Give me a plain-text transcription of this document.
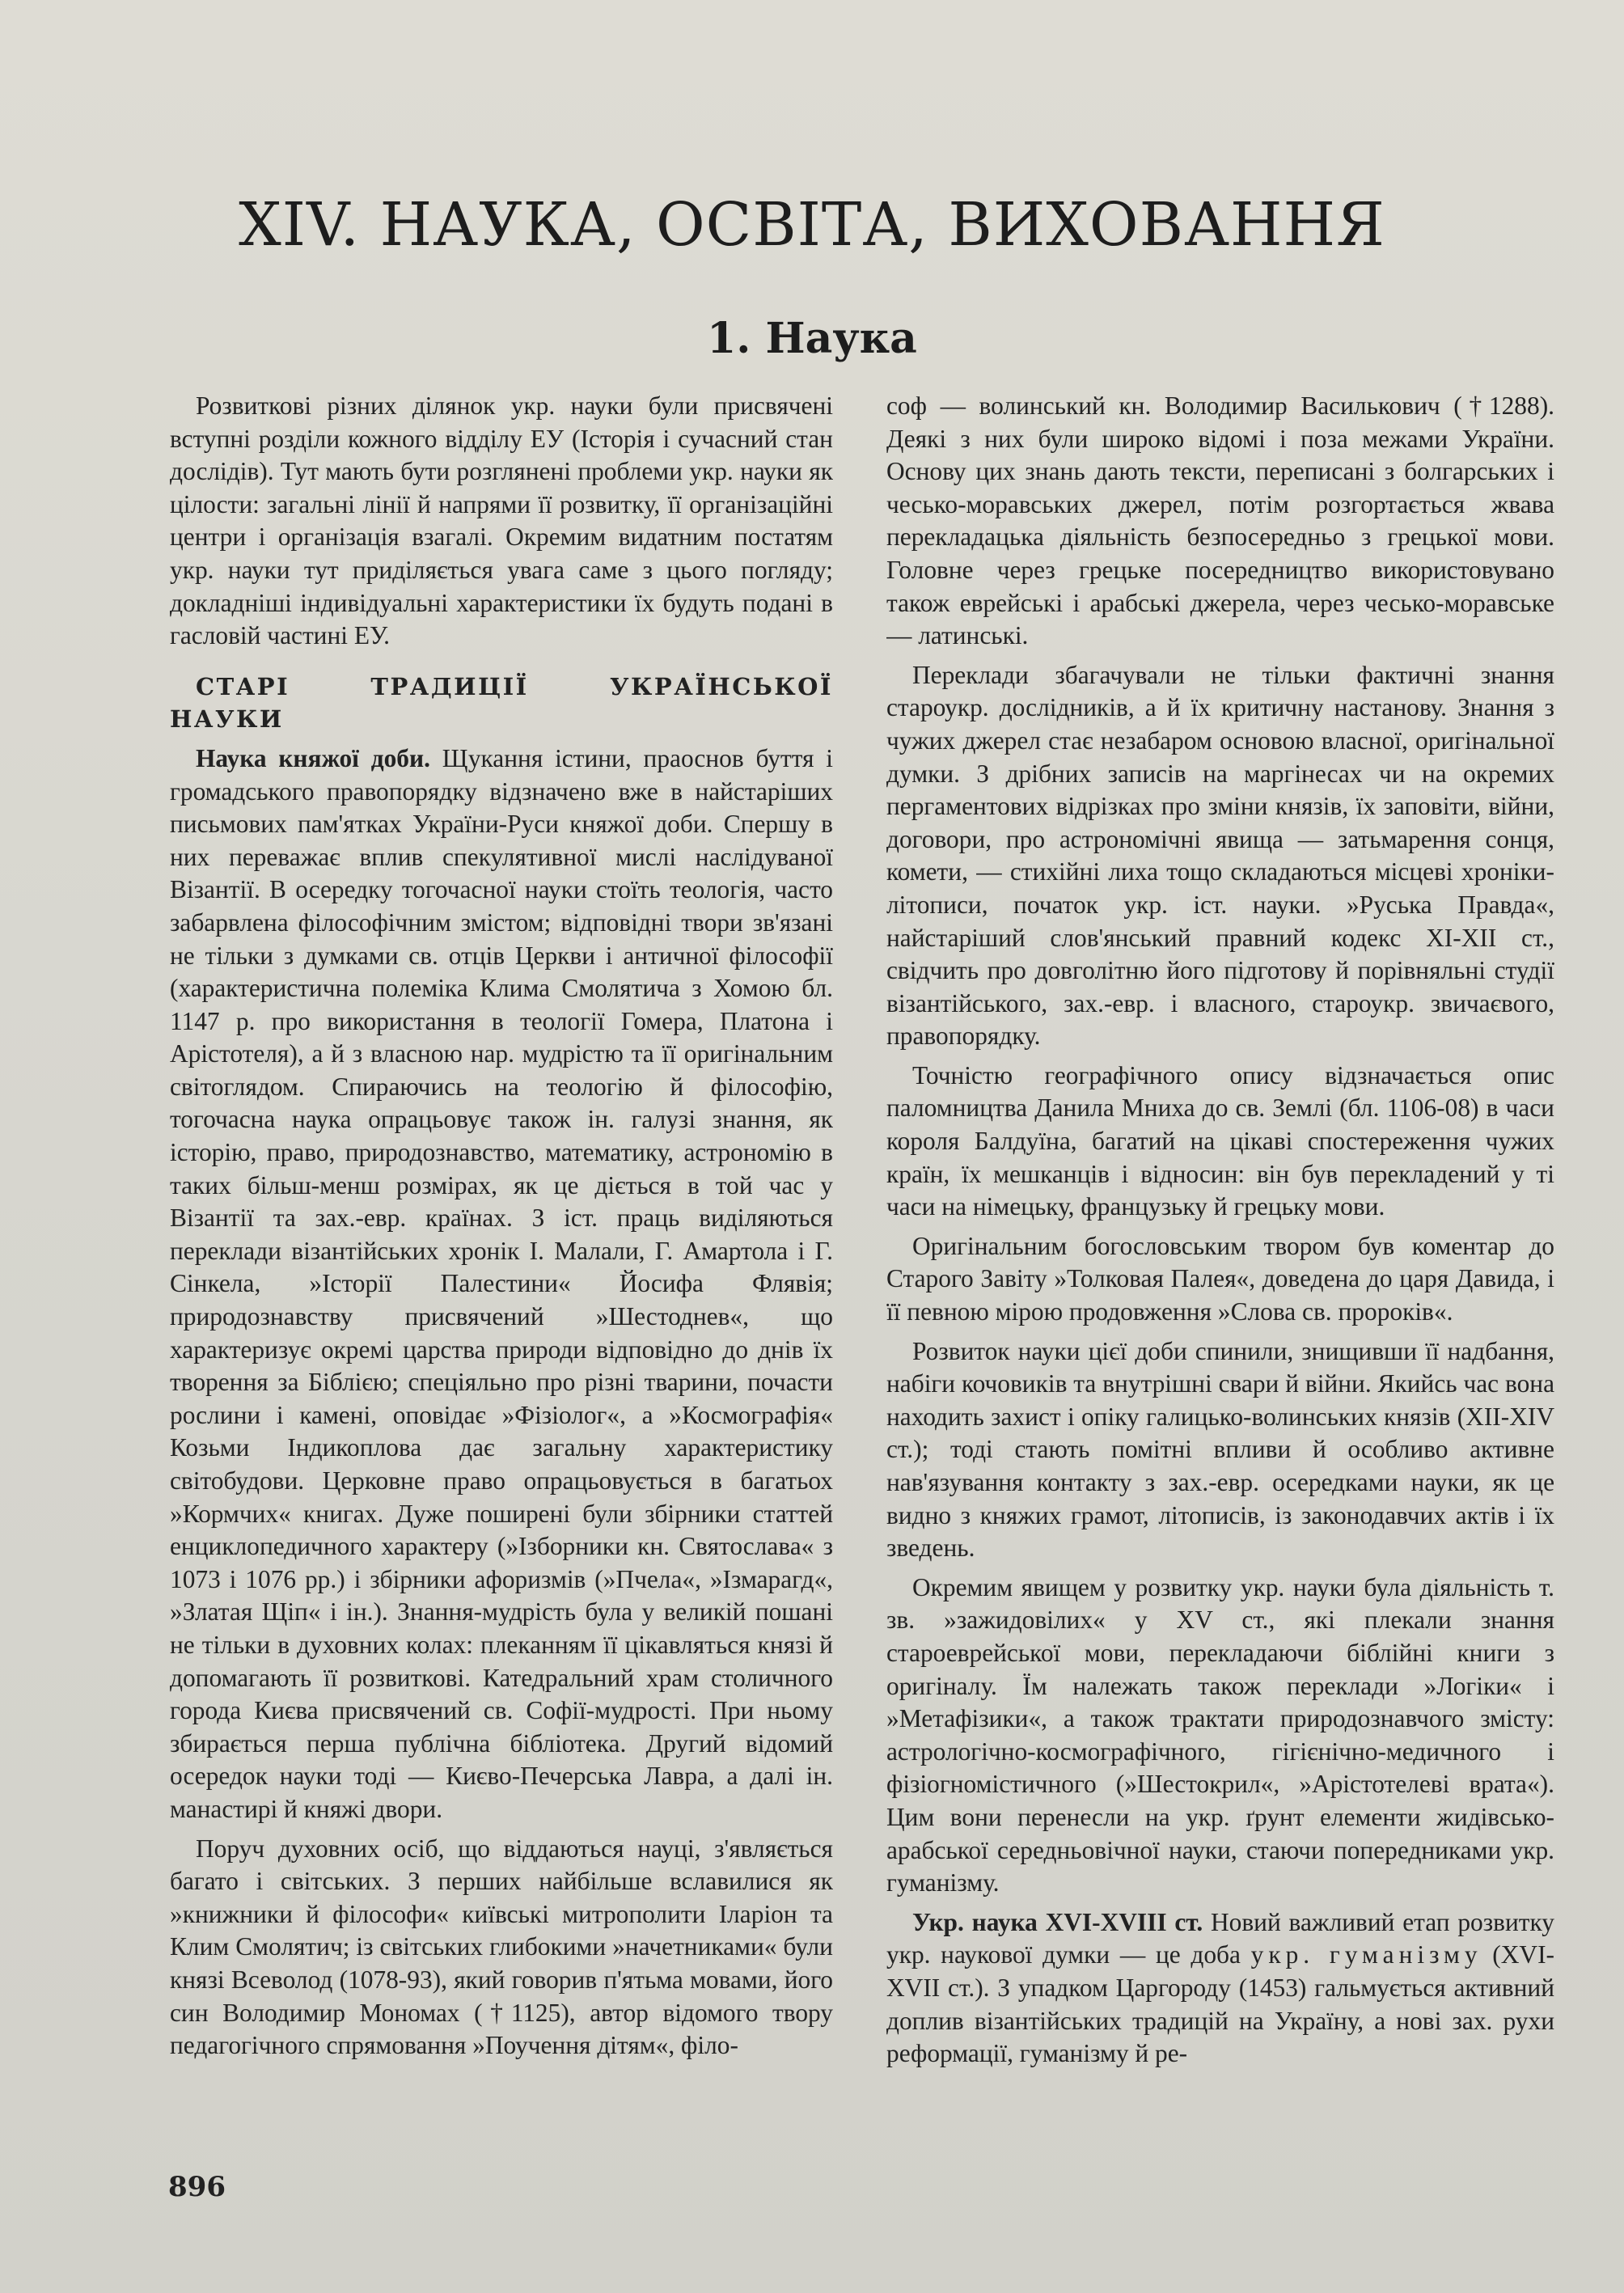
XIV. НАУКА, ОСВІТА, ВИХОВАННЯ
1. Наука

Розвиткові різних ділянок укр. науки були присвячені вступні розділи кожного відділу ЕУ (Історія і сучасний стан дослідів). Тут мають бути розглянені проблеми укр. науки як цілости: загальні лінії й напрями її розвитку, її організаційні центри і організація взагалі. Окремим видатним постатям укр. науки тут приділяється увага саме з цього погляду; докладніші індивідуальні характеристики їх будуть подані в гасловій частині ЕУ.

СТАРІ ТРАДИЦІЇ УКРАЇНСЬКОЇ НАУКИ

Наука княжої доби. Щукання істини, праоснов буття і громадського правопорядку відзначено вже в найстаріших письмових пам'ятках України-Руси княжої доби. Спершу в них переважає вплив спекулятивної мислі наслідуваної Візантії. В осередку тогочасної науки стоїть теологія, часто забарвлена філософічним змістом; відповідні твори зв'язані не тільки з думками св. отців Церкви і античної філософії (характеристична полеміка Клима Смолятича з Хомою бл. 1147 р. про використання в теології Гомера, Платона і Арістотеля), а й з власною нар. мудрістю та її оригінальним світоглядом. Спираючись на теологію й філософію, тогочасна наука опрацьовує також ін. галузі знання, як історію, право, природознавство, математику, астрономію в таких більш-менш розмірах, як це діється в той час у Візантії та зах.-евр. країнах. З іст. праць виділяються переклади візантійських хронік І. Малали, Г. Амартола і Г. Сінкела, »Історії Палестини« Йосифа Флявія; природознавству присвячений »Шестоднев«, що характеризує окремі царства природи відповідно до днів їх творення за Біблією; спеціяльно про різні тварини, почасти рослини і камені, оповідає »Фізіолог«, а »Космографія« Козьми Індикоплова дає загальну характеристику світобудови. Церковне право опрацьовується в багатьох »Кормчих« книгах. Дуже поширені були збірники статтей енциклопедичного характеру (»Ізборники кн. Святослава« з 1073 і 1076 рр.) і збірники афоризмів (»Пчела«, »Ізмарагд«, »Златая Щіп« і ін.). Знання-мудрість була у великій пошані не тільки в духовних колах: плеканням її цікавляться князі й допомагають її розвиткові. Катедральний храм столичного города Києва присвячений св. Софії-мудрості. При ньому збирається перша публічна бібліотека. Другий відомий осередок науки тоді — Києво-Печерська Лавра, а далі ін. манастирі й княжі двори.

Поруч духовних осіб, що віддаються науці, з'являється багато і світських. З перших найбільше вславилися як »книжники й філософи« київські митрополити Іларіон та Клим Смолятич; із світських глибокими »начетниками« були князі Всеволод (1078-93), який говорив п'ятьма мовами, його син Володимир Мономах (†1125), автор відомого твору педагогічного спрямовання »Поучення дітям«, філо-

соф — волинський кн. Володимир Василькович (†1288). Деякі з них були широко відомі і поза межами України. Основу цих знань дають тексти, переписані з болгарських і чесько-моравських джерел, потім розгортається жвава перекладацька діяльність безпосередньо з грецької мови. Головне через грецьке посередництво використовувано також еврейські і арабські джерела, через чесько-моравське — латинські.

Переклади збагачували не тільки фактичні знання староукр. дослідників, а й їх критичну настанову. Знання з чужих джерел стає незабаром основою власної, оригінальної думки. З дрібних записів на маргінесах чи на окремих пергаментових відрізках про зміни князів, їх заповіти, війни, договори, про астрономічні явища — затьмарення сонця, комети, — стихійні лиха тощо складаються місцеві хроніки-літописи, початок укр. іст. науки. »Руська Правда«, найстаріший слов'янський правний кодекс XI-XII ст., свідчить про довголітню його підготову й порівняльні студії візантійського, зах.-евр. і власного, староукр. звичаєвого, правопорядку.

Точністю географічного опису відзначається опис паломництва Данила Мниха до св. Землі (бл. 1106-08) в часи короля Балдуїна, багатий на цікаві спостереження чужих країн, їх мешканців і відносин: він був перекладений у ті часи на німецьку, французьку й грецьку мови.

Оригінальним богословським твором був коментар до Старого Завіту »Толковая Палея«, доведена до царя Давида, і її певною мірою продовження »Слова св. пророків«.

Розвиток науки цієї доби спинили, знищивши її надбання, набіги кочовиків та внутрішні свари й війни. Якийсь час вона находить захист і опіку галицько-волинських князів (XII-XIV ст.); тоді стають помітні впливи й особливо активне нав'язування контакту з зах.-евр. осередками науки, як це видно з княжих грамот, літописів, із законодавчих актів і їх зведень.

Окремим явищем у розвитку укр. науки була діяльність т. зв. »зажидовілих« у XV ст., які плекали знання староеврейської мови, перекладаючи біблійні книги з оригіналу. Їм належать також переклади »Логіки« і »Метафізики«, а також трактати природознавчого змісту: астрологічно-космографічного, гігієнічно-медичного і фізіогномістичного (»Шестокрил«, »Арістотелеві врата«). Цим вони перенесли на укр. ґрунт елементи жидівсько-арабської середньовічної науки, стаючи попередниками укр. гуманізму.

Укр. наука XVI-XVIII ст. Новий важливий етап розвитку укр. наукової думки — це доба укр. гуманізму (XVI-XVII ст.). З упадком Царгороду (1453) гальмується активний доплив візантійських традицій на Україну, а нові зах. рухи реформації, гуманізму й ре-

896
